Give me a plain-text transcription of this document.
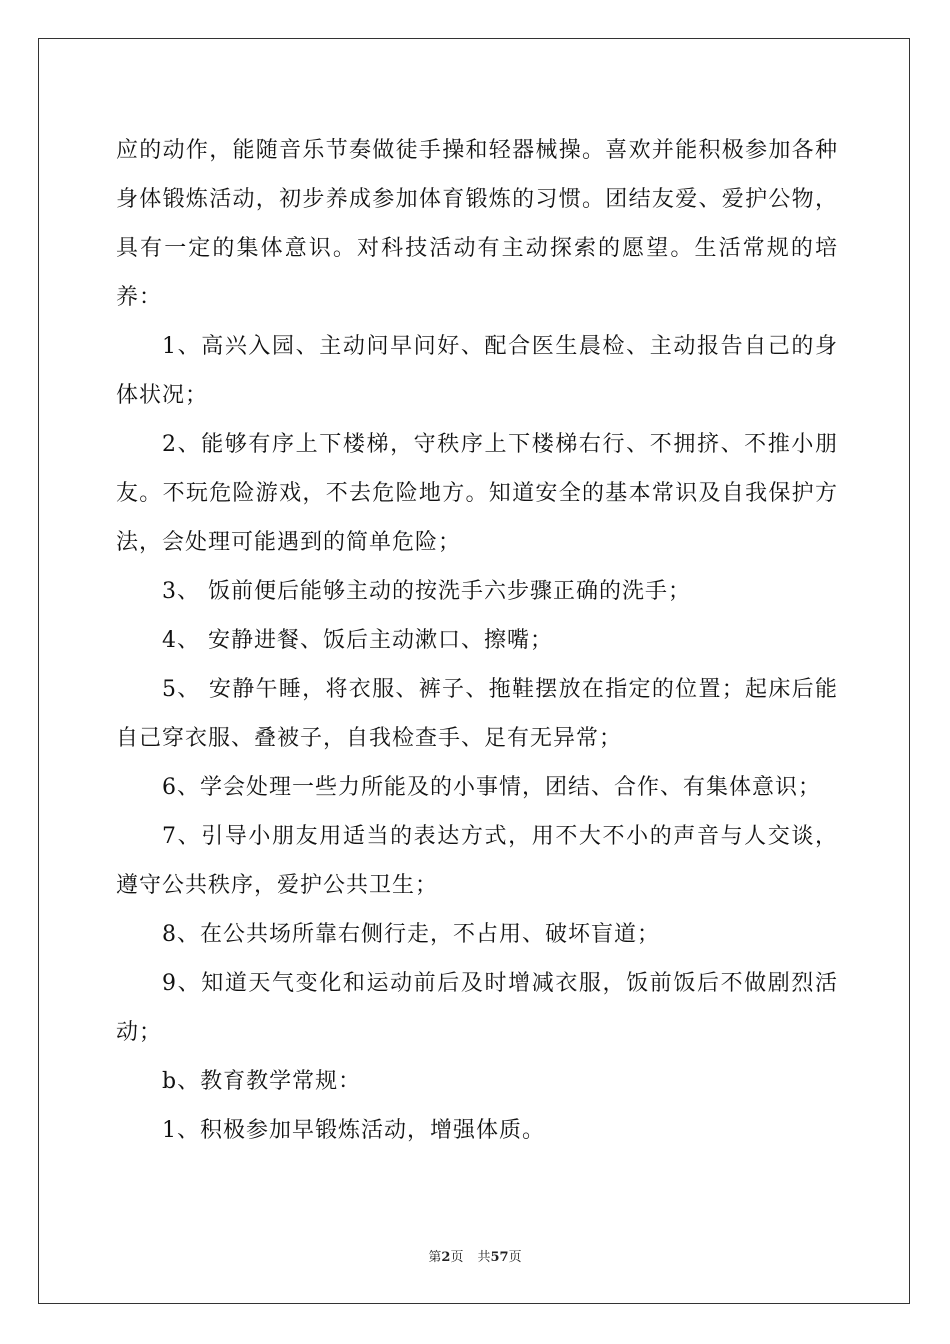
应的动作，能随音乐节奏做徒手操和轻器械操。喜欢并能积极参加各种身体锻炼活动，初步养成参加体育锻炼的习惯。团结友爱、爱护公物，具有一定的集体意识。对科技活动有主动探索的愿望。生活常规的培养：

1、高兴入园、主动问早问好、配合医生晨检、主动报告自己的身体状况；

2、能够有序上下楼梯，守秩序上下楼梯右行、不拥挤、不推小朋友。不玩危险游戏，不去危险地方。知道安全的基本常识及自我保护方法，会处理可能遇到的简单危险；

3、 饭前便后能够主动的按洗手六步骤正确的洗手；

4、 安静进餐、饭后主动漱口、擦嘴；

5、 安静午睡，将衣服、裤子、拖鞋摆放在指定的位置；起床后能自己穿衣服、叠被子，自我检查手、足有无异常；

6、学会处理一些力所能及的小事情，团结、合作、有集体意识；

7、引导小朋友用适当的表达方式，用不大不小的声音与人交谈，遵守公共秩序，爱护公共卫生；

8、在公共场所靠右侧行走，不占用、破坏盲道；

9、知道天气变化和运动前后及时增减衣服，饭前饭后不做剧烈活动；

b、教育教学常规：

1、积极参加早锻炼活动，增强体质。

第2页 共57页
